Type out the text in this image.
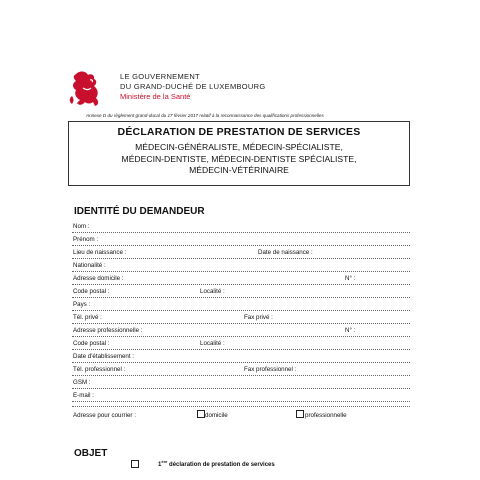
LE GOUVERNEMENT
DU GRAND-DUCHÉ DE LUXEMBOURG
Ministère de la Santé
Annexe D du règlement grand-ducal du 17 février 2017 relatif à la reconnaissance des qualifications professionnelles
DÉCLARATION DE PRESTATION DE SERVICES
MÉDECIN-GÉNÉRALISTE, MÉDECIN-SPÉCIALISTE,
MÉDECIN-DENTISTE, MÉDECIN-DENTISTE SPÉCIALISTE,
MÉDECIN-VÉTÉRINAIRE
IDENTITÉ DU DEMANDEUR
Nom :
Prénom :
Lieu de naissance :	Date de naissance :
Nationalité :
Adresse domicile :	N° :
Code postal :	Localité :
Pays :
Tél. privé :	Fax privé :
Adresse professionnelle :	N° :
Code postal :	Localité :
Date d'établissement :
Tél. professionnel :	Fax professionnel :
GSM :
E-mail :
Adresse pour courrier :	domicile	professionnelle
OBJET
1ère déclaration de prestation de services
